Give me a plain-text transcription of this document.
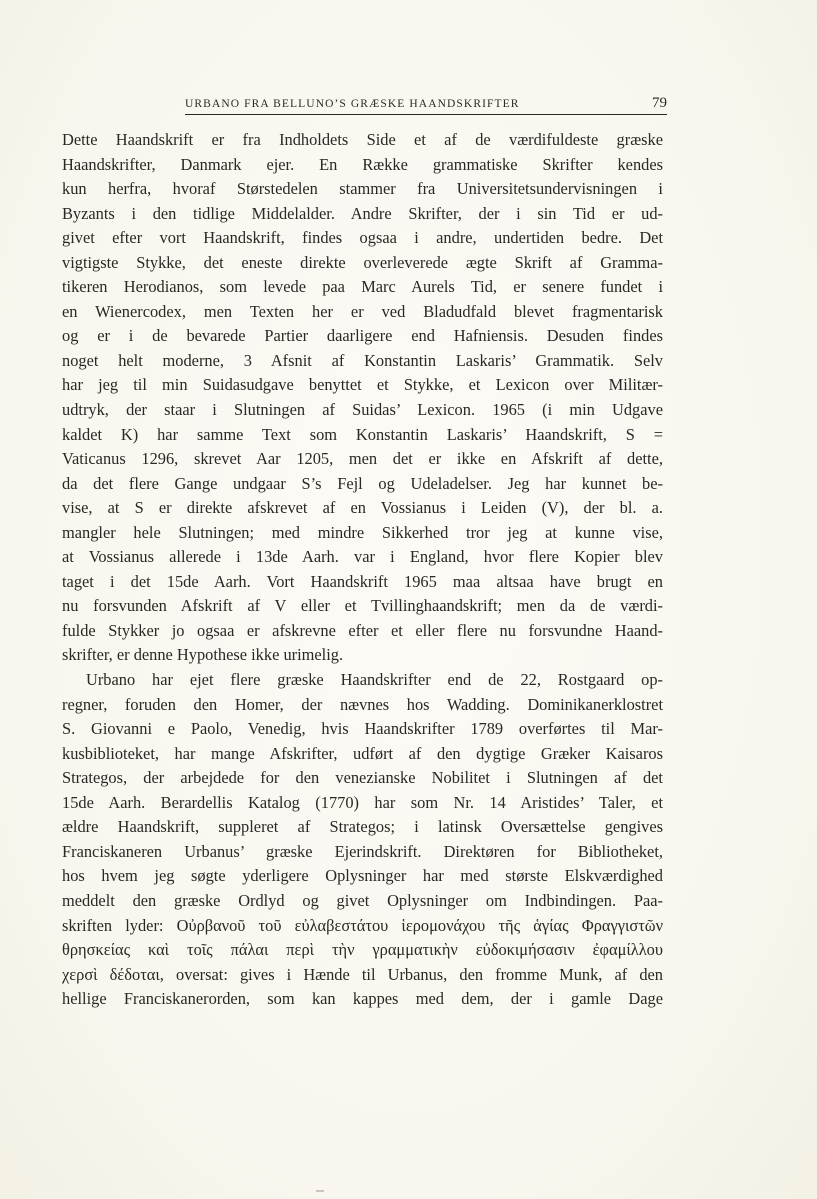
URBANO FRA BELLUNO’S GRÆSKE HAANDSKRIFTER	79
Dette Haandskrift er fra Indholdets Side et af de værdifuldeste græske
Haandskrifter, Danmark ejer. En Række grammatiske Skrifter kendes
kun herfra, hvoraf Størstedelen stammer fra Universitetsundervisningen i
Byzants i den tidlige Middelalder. Andre Skrifter, der i sin Tid er ud-
givet efter vort Haandskrift, findes ogsaa i andre, undertiden bedre. Det
vigtigste Stykke, det eneste direkte overleverede ægte Skrift af Gramma-
tikeren Herodianos, som levede paa Marc Aurels Tid, er senere fundet i
en Wienercodex, men Texten her er ved Bladudfald blevet fragmentarisk
og er i de bevarede Partier daarligere end Hafniensis. Desuden findes
noget helt moderne, 3 Afsnit af Konstantin Laskaris’ Grammatik. Selv
har jeg til min Suidasudgave benyttet et Stykke, et Lexicon over Militær-
udtryk, der staar i Slutningen af Suidas’ Lexicon. 1965 (i min Udgave
kaldet K) har samme Text som Konstantin Laskaris’ Haandskrift, S =
Vaticanus 1296, skrevet Aar 1205, men det er ikke en Afskrift af dette,
da det flere Gange undgaar S’s Fejl og Udeladelser. Jeg har kunnet be-
vise, at S er direkte afskrevet af en Vossianus i Leiden (V), der bl. a.
mangler hele Slutningen; med mindre Sikkerhed tror jeg at kunne vise,
at Vossianus allerede i 13de Aarh. var i England, hvor flere Kopier blev
taget i det 15de Aarh. Vort Haandskrift 1965 maa altsaa have brugt en
nu forsvunden Afskrift af V eller et Tvillinghaandskrift; men da de værdi-
fulde Stykker jo ogsaa er afskrevne efter et eller flere nu forsvundne Haand-
skrifter, er denne Hypothese ikke urimelig.
Urbano har ejet flere græske Haandskrifter end de 22, Rostgaard op-
regner, foruden den Homer, der nævnes hos Wadding. Dominikanerklostret
S. Giovanni e Paolo, Venedig, hvis Haandskrifter 1789 overførtes til Mar-
kusbiblioteket, har mange Afskrifter, udført af den dygtige Græker Kaisaros
Strategos, der arbejdede for den venezianske Nobilitet i Slutningen af det
15de Aarh. Berardellis Katalog (1770) har som Nr. 14 Aristides’ Taler, et
ældre Haandskrift, suppleret af Strategos; i latinsk Oversættelse gengives
Franciskaneren Urbanus’ græske Ejerindskrift. Direktøren for Bibliotheket,
hos hvem jeg søgte yderligere Oplysninger har med største Elskværdighed
meddelt den græske Ordlyd og givet Oplysninger om Indbindingen. Paa-
skriften lyder: Οὐρβανοῦ τοῦ εὐλαβεστάτου ἱερομονάχου τῆς ἁγίας Φραγγιστῶν
θρησκείας καὶ τοῖς πάλαι περὶ τὴν γραμματικὴν εὐδοκιμήσασιν ἐφαμίλλου
χερσὶ δέδοται, oversat: gives i Hænde til Urbanus, den fromme Munk, af den
hellige Franciskanerorden, som kan kappes med dem, der i gamle Dage
